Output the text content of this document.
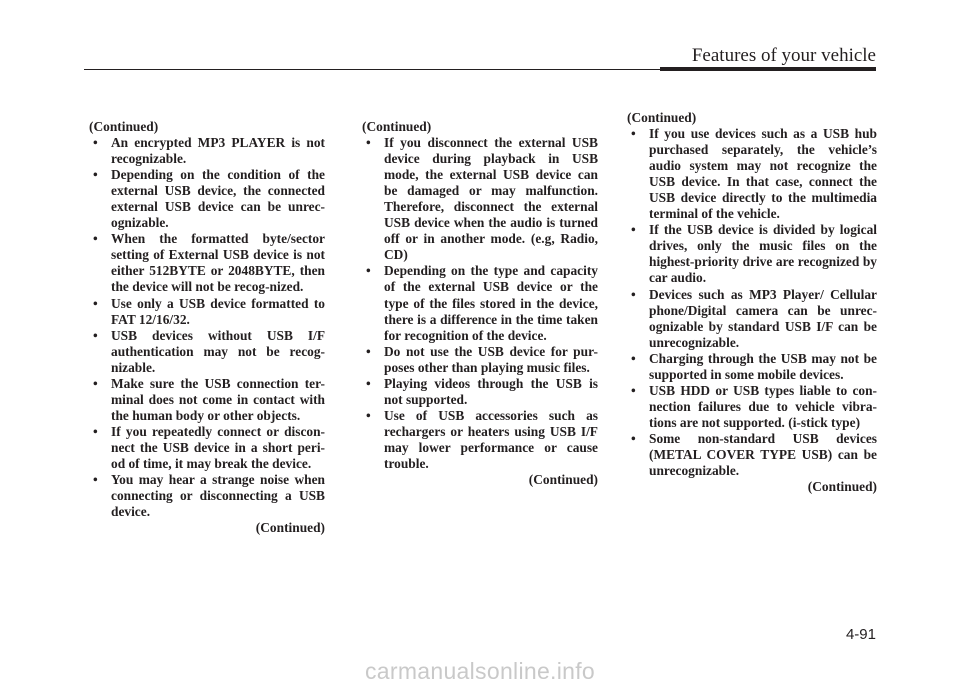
Features of your vehicle
(Continued)
• An encrypted MP3 PLAYER is not recognizable.
• Depending on the condition of the external USB device, the connected external USB device can be unrec-ognizable.
• When the formatted byte/sector setting of External USB device is not either 512BYTE or 2048BYTE, then the device will not be recog-nized.
• Use only a USB device formatted to FAT 12/16/32.
• USB devices without USB I/F authentication may not be recog-nizable.
• Make sure the USB connection ter-minal does not come in contact with the human body or other objects.
• If you repeatedly connect or discon-nect the USB device in a short peri-od of time, it may break the device.
• You may hear a strange noise when connecting or disconnecting a USB device.
(Continued)
(Continued)
• If you disconnect the external USB device during playback in USB mode, the external USB device can be damaged or may malfunction. Therefore, disconnect the external USB device when the audio is turned off or in another mode. (e.g, Radio, CD)
• Depending on the type and capacity of the external USB device or the type of the files stored in the device, there is a difference in the time taken for recognition of the device.
• Do not use the USB device for pur-poses other than playing music files.
• Playing videos through the USB is not supported.
• Use of USB accessories such as rechargers or heaters using USB I/F may lower performance or cause trouble.
(Continued)
(Continued)
• If you use devices such as a USB hub purchased separately, the vehicle’s audio system may not recognize the USB device. In that case, connect the USB device directly to the multimedia terminal of the vehicle.
• If the USB device is divided by logical drives, only the music files on the highest-priority drive are recognized by car audio.
• Devices such as MP3 Player/ Cellular phone/Digital camera can be unrec-ognizable by standard USB I/F can be unrecognizable.
• Charging through the USB may not be supported in some mobile devices.
• USB HDD or USB types liable to con-nection failures due to vehicle vibra-tions are not supported. (i-stick type)
• Some non-standard USB devices (METAL COVER TYPE USB) can be unrecognizable.
(Continued)
4-91
carmanualsonline.info
